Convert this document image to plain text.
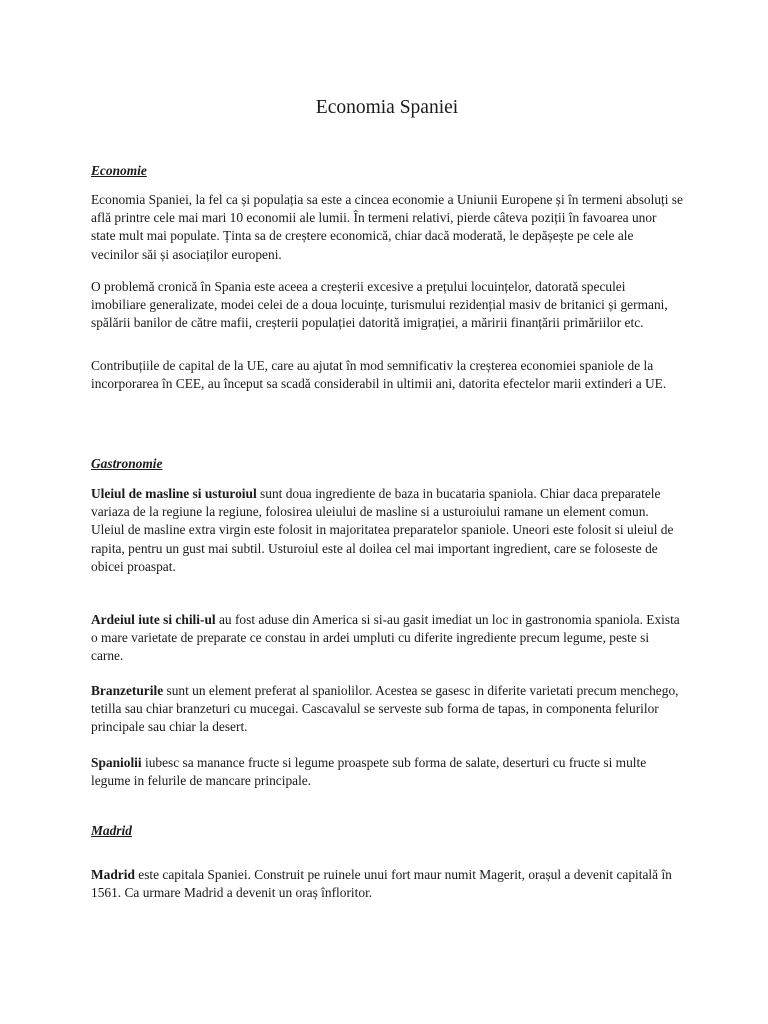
Economia Spaniei
Economie

Economia Spaniei, la fel ca și populația sa este a cincea economie a Uniunii Europene și în termeni absoluți se află printre cele mai mari 10 economii ale lumii. În termeni relativi, pierde câteva poziții în favoarea unor state mult mai populate. Ținta sa de creștere economică, chiar dacă moderată, le depășește pe cele ale vecinilor săi și asociaților europeni.

O problemă cronică în Spania este aceea a creșterii excesive a prețului locuințelor, datorată speculei imobiliare generalizate, modei celei de a doua locuințe, turismului rezidențial masiv de britanici și germani, spălării banilor de către mafii, creșterii populației datorită imigrației, a măririi finanțării primăriilor etc.

Contribuțiile de capital de la UE, care au ajutat în mod semnificativ la creșterea economiei spaniole de la incorporarea în CEE, au început sa scadă considerabil in ultimii ani, datorita efectelor marii extinderi a UE.

Gastronomie
Uleiul de masline si usturoiul sunt doua ingrediente de baza in bucataria spaniola. Chiar daca preparatele variaza de la regiune la regiune, folosirea uleiului de masline si a usturoiului ramane un element comun.
Uleiul de masline extra virgin este folosit in majoritatea preparatelor spaniole. Uneori este folosit si uleiul de rapita, pentru un gust mai subtil. Usturoiul este al doilea cel mai important ingredient, care se foloseste de obicei proaspat.

Ardeiul iute si chili-ul au fost aduse din America si si-au gasit imediat un loc in gastronomia spaniola. Exista o mare varietate de preparate ce constau in ardei umpluti cu diferite ingrediente precum legume, peste si carne.

Branzeturile sunt un element preferat al spaniolilor. Acestea se gasesc in diferite varietati precum menchego, tetilla sau chiar branzeturi cu mucegai. Cascavalul se serveste sub forma de tapas, in componenta felurilor principale sau chiar la desert.

Spaniolii iubesc sa manance fructe si legume proaspete sub forma de salate, deserturi cu fructe si multe legume in felurile de mancare principale.

Madrid

Madrid este capitala Spaniei. Construit pe ruinele unui fort maur numit Magerit, orașul a devenit capitală în 1561. Ca urmare Madrid a devenit un oraș înfloritor.
